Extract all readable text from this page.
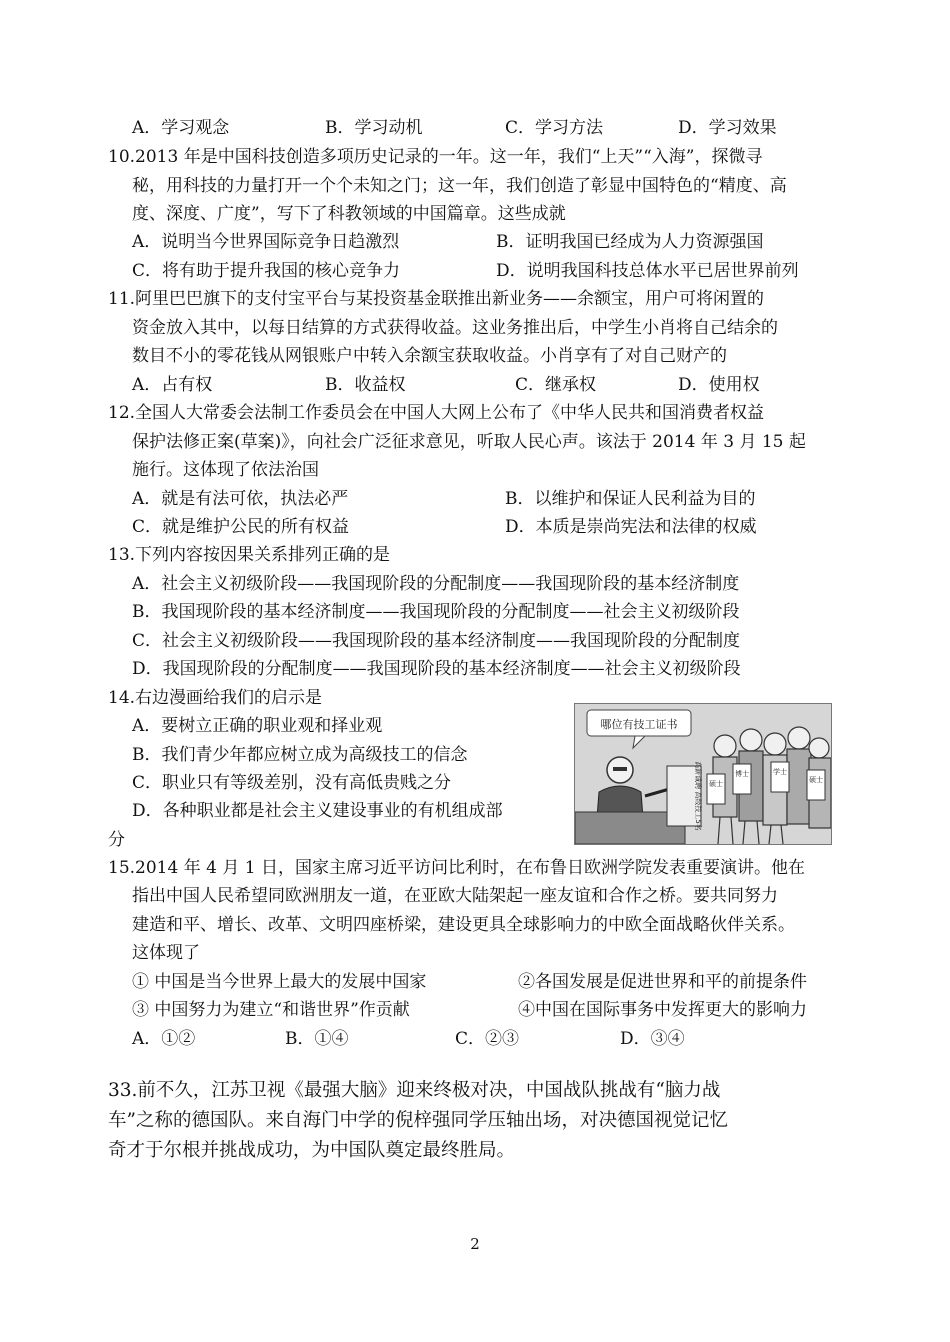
A．学习观念	B．学习动机	C．学习方法	D．学习效果
10.2013 年是中国科技创造多项历史记录的一年。这一年，我们“上天”“入海”，探微寻
秘，用科技的力量打开一个个未知之门；这一年，我们创造了彰显中国特色的“精度、高
度、深度、广度”，写下了科教领域的中国篇章。这些成就
A．说明当今世界国际竞争日趋激烈	B．证明我国已经成为人力资源强国
C．将有助于提升我国的核心竞争力	D．说明我国科技总体水平已居世界前列
11.阿里巴巴旗下的支付宝平台与某投资基金联推出新业务——余额宝，用户可将闲置的
资金放入其中，以每日结算的方式获得收益。这业务推出后，中学生小肖将自己结余的
数目不小的零花钱从网银账户中转入余额宝获取收益。小肖享有了对自己财产的
A．占有权	B．收益权	C．继承权	D．使用权
12.全国人大常委会法制工作委员会在中国人大网上公布了《中华人民共和国消费者权益
保护法修正案(草案)》，向社会广泛征求意见，听取人民心声。该法于 2014 年 3 月 15 起
施行。这体现了依法治国
A．就是有法可依，执法必严	B．以维护和保证人民利益为目的
C．就是维护公民的所有权益	D．本质是崇尚宪法和法律的权威
13.下列内容按因果关系排列正确的是
A．社会主义初级阶段——我国现阶段的分配制度——我国现阶段的基本经济制度
B．我国现阶段的基本经济制度——我国现阶段的分配制度——社会主义初级阶段
C．社会主义初级阶段——我国现阶段的基本经济制度——我国现阶段的分配制度
D．我国现阶段的分配制度——我国现阶段的基本经济制度——社会主义初级阶段
14.右边漫画给我们的启示是
A．要树立正确的职业观和择业观
B．我们青少年都应树立成为高级技工的信念
C．职业只有等级差别，没有高低贵贱之分
D．各种职业都是社会主义建设事业的有机组成部
分
哪位有技工证书
高薪诚聘 高级技工5名 硕士
博士	学士
硕士
15.2014 年 4 月 1 日，国家主席习近平访问比利时，在布鲁日欧洲学院发表重要演讲。他在
指出中国人民希望同欧洲朋友一道，在亚欧大陆架起一座友谊和合作之桥。要共同努力
建造和平、增长、改革、文明四座桥梁，建设更具全球影响力的中欧全面战略伙伴关系。
这体现了
① 中国是当今世界上最大的发展中国家	②各国发展是促进世界和平的前提条件
③ 中国努力为建立“和谐世界”作贡献	④中国在国际事务中发挥更大的影响力
A．①②	B．①④	C．②③	D．③④
33.前不久，江苏卫视《最强大脑》迎来终极对决，中国战队挑战有“脑力战
车”之称的德国队。来自海门中学的倪梓强同学压轴出场，对决德国视觉记忆
奇才于尔根并挑战成功，为中国队奠定最终胜局。
2
